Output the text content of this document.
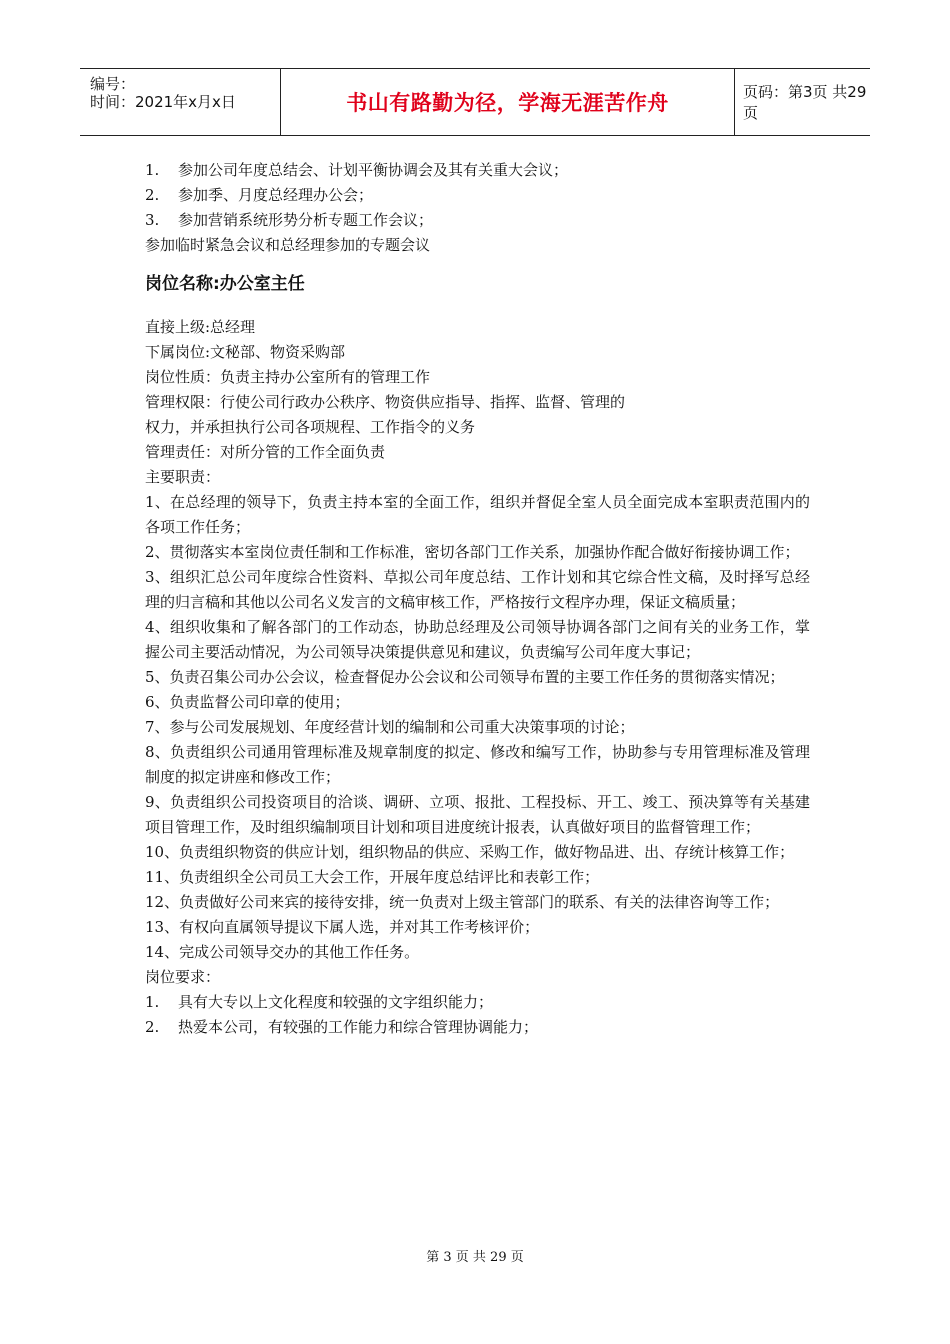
编号：
时间：2021年x月x日	书山有路勤为径，学海无涯苦作舟	页码：第3页 共29页
1. 参加公司年度总结会、计划平衡协调会及其有关重大会议；
2. 参加季、月度总经理办公会；
3. 参加营销系统形势分析专题工作会议；
参加临时紧急会议和总经理参加的专题会议
岗位名称:办公室主任
直接上级:总经理
下属岗位:文秘部、物资采购部
岗位性质：负责主持办公室所有的管理工作
管理权限：行使公司行政办公秩序、物资供应指导、指挥、监督、管理的
权力，并承担执行公司各项规程、工作指令的义务
管理责任：对所分管的工作全面负责
主要职责：
1、在总经理的领导下，负责主持本室的全面工作，组织并督促全室人员全面完成本室职责范围内的各项工作任务；
2、贯彻落实本室岗位责任制和工作标准，密切各部门工作关系，加强协作配合做好衔接协调工作；
3、组织汇总公司年度综合性资料、草拟公司年度总结、工作计划和其它综合性文稿，及时择写总经理的归言稿和其他以公司名义发言的文稿审核工作，严格按行文程序办理，保证文稿质量；
4、组织收集和了解各部门的工作动态，协助总经理及公司领导协调各部门之间有关的业务工作，掌握公司主要活动情况，为公司领导决策提供意见和建议，负责编写公司年度大事记；
5、负责召集公司办公会议，检查督促办公会议和公司领导布置的主要工作任务的贯彻落实情况；
6、负责监督公司印章的使用；
7、参与公司发展规划、年度经营计划的编制和公司重大决策事项的讨论；
8、负责组织公司通用管理标准及规章制度的拟定、修改和编写工作，协助参与专用管理标准及管理制度的拟定讲座和修改工作；
9、负责组织公司投资项目的洽谈、调研、立项、报批、工程投标、开工、竣工、预决算等有关基建项目管理工作，及时组织编制项目计划和项目进度统计报表，认真做好项目的监督管理工作；
10、负责组织物资的供应计划，组织物品的供应、采购工作，做好物品进、出、存统计核算工作；
11、负责组织全公司员工大会工作，开展年度总结评比和表彰工作；
12、负责做好公司来宾的接待安排，统一负责对上级主管部门的联系、有关的法律咨询等工作；
13、有权向直属领导提议下属人选，并对其工作考核评价；
14、完成公司领导交办的其他工作任务。
岗位要求：
1. 具有大专以上文化程度和较强的文字组织能力；
2. 热爱本公司，有较强的工作能力和综合管理协调能力；
第 3 页 共 29 页
